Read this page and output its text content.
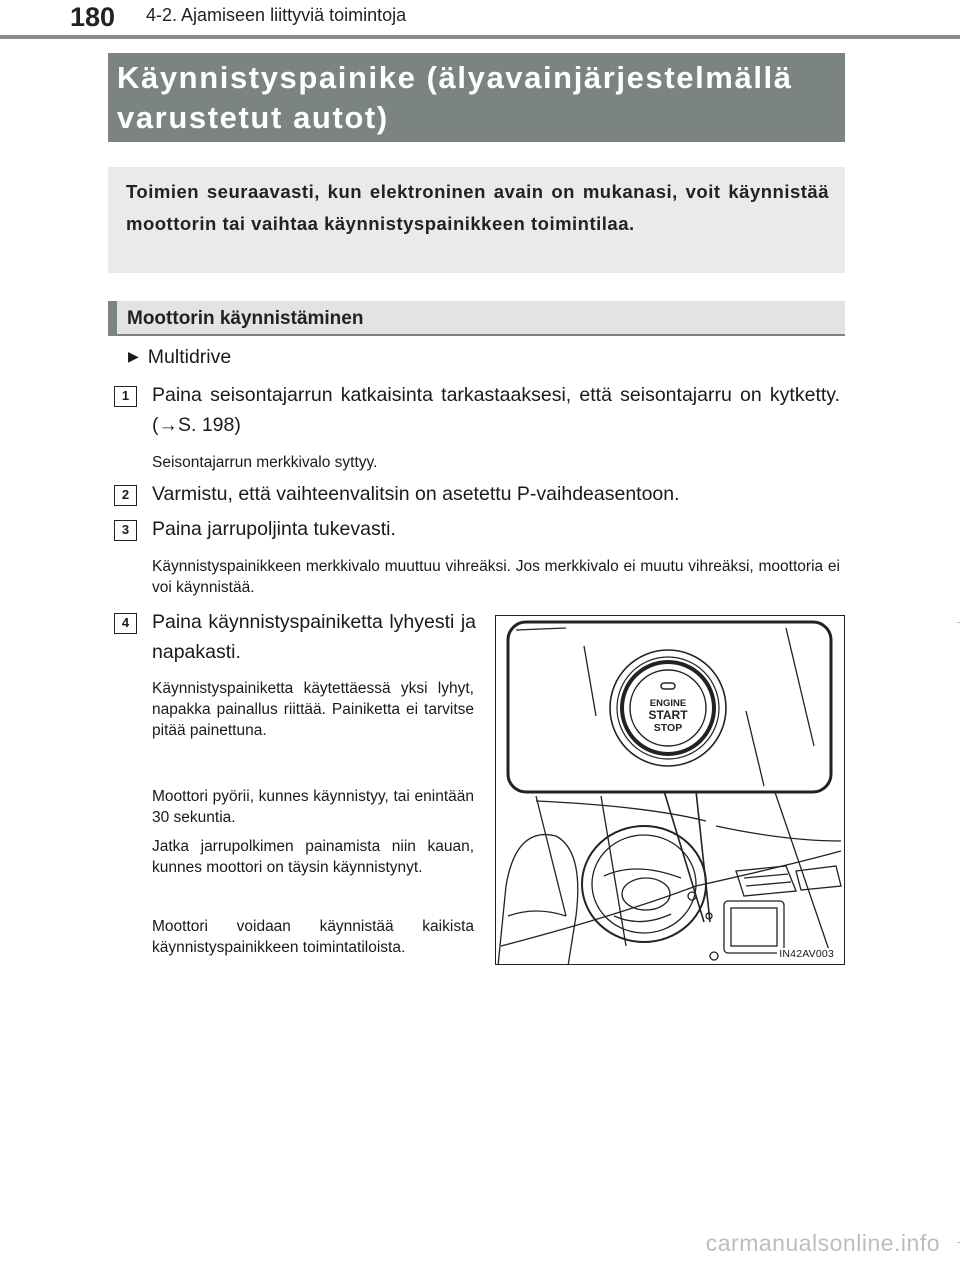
180 4-2. Ajamiseen liittyviä toimintoja
Käynnistyspainike (älyavainjärjestelmällä
varustetut autot)
Toimien seuraavasti, kun elektroninen avain on mukanasi, voit käynnistää moottorin tai vaihtaa käynnistyspainikkeen toimintilaa.
Moottorin käynnistäminen
▶ Multidrive
1	Paina seisontajarrun katkaisinta tarkastaaksesi, että seisontajarru on kytketty. (→S. 198)
Seisontajarrun merkkivalo syttyy.
2	Varmistu, että vaihteenvalitsin on asetettu P-vaihdeasentoon.
3	Paina jarrupoljinta tukevasti.
Käynnistyspainikkeen merkkivalo muuttuu vihreäksi. Jos merkkivalo ei muutu vihreäksi, moottoria ei voi käynnistää.
4	Paina käynnistyspainiketta lyhyesti ja napakasti.
Käynnistyspainiketta käytettäessä yksi lyhyt, napakka painallus riittää. Painiketta ei tarvitse pitää painettuna.
Moottori pyörii, kunnes käynnistyy, tai enintään 30 sekuntia.
Jatka jarrupolkimen painamista niin kauan, kunnes moottori on täysin käynnistynyt.
Moottori voidaan käynnistää kaikista käynnistyspainikkeen toimintatiloista.
ENGINE
START
STOP
IN42AV003
carmanualsonline.info
